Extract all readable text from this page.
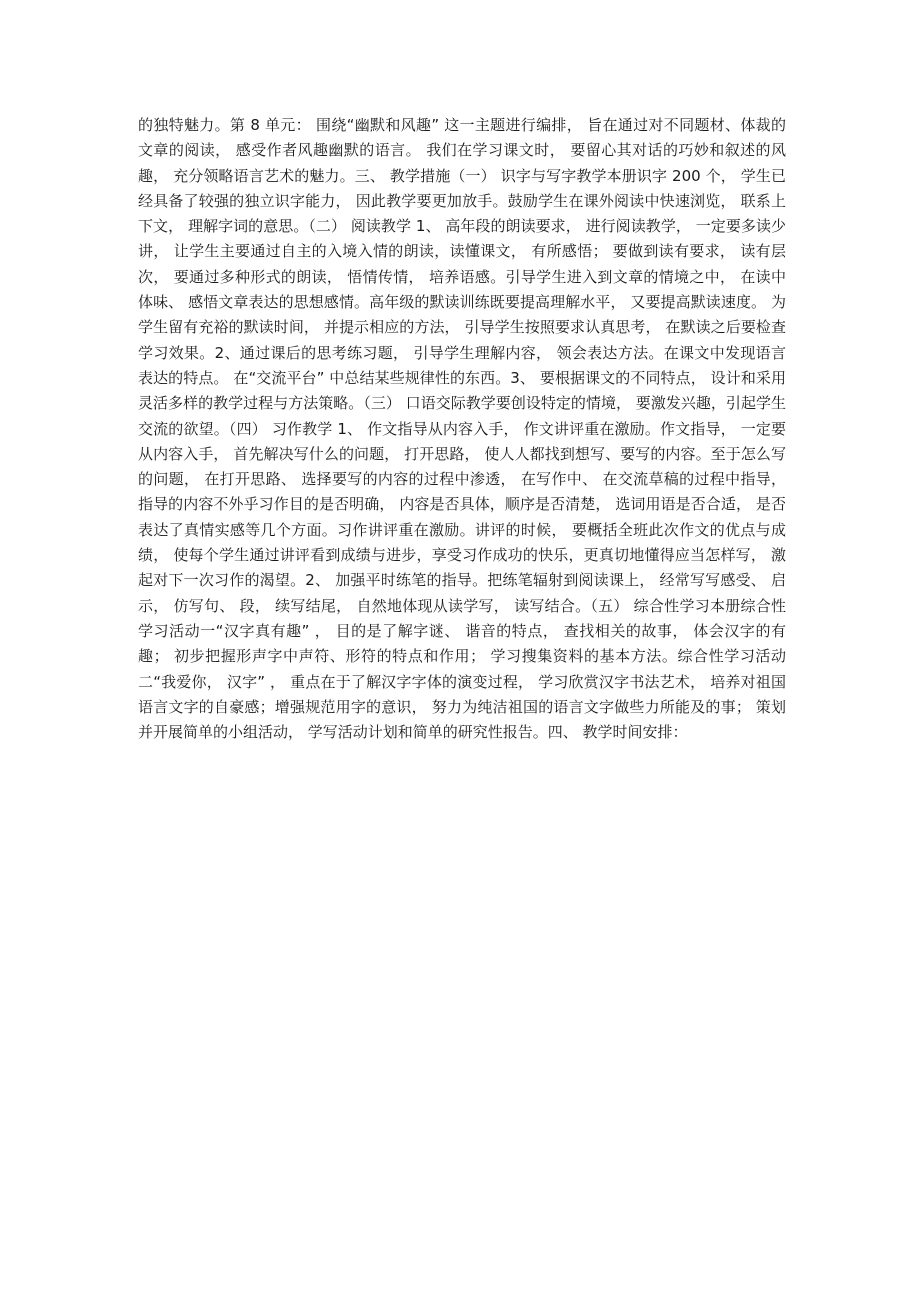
的独特魅力。第 8 单元： 围绕“幽默和风趣” 这一主题进行编排， 旨在通过对不同题材、体裁的文章的阅读， 感受作者风趣幽默的语言。 我们在学习课文时， 要留心其对话的巧妙和叙述的风趣， 充分领略语言艺术的魅力。三、 教学措施（一） 识字与写字教学本册识字 200 个， 学生已经具备了较强的独立识字能力， 因此教学要更加放手。鼓励学生在课外阅读中快速浏览， 联系上下文， 理解字词的意思。（二） 阅读教学 1、 高年段的朗读要求， 进行阅读教学， 一定要多读少讲， 让学生主要通过自主的入境入情的朗读，读懂课文， 有所感悟； 要做到读有要求， 读有层次， 要通过多种形式的朗读， 悟情传情， 培养语感。引导学生进入到文章的情境之中， 在读中体味、 感悟文章表达的思想感情。高年级的默读训练既要提高理解水平， 又要提高默读速度。 为学生留有充裕的默读时间， 并提示相应的方法， 引导学生按照要求认真思考， 在默读之后要检查学习效果。2、通过课后的思考练习题， 引导学生理解内容， 领会表达方法。在课文中发现语言表达的特点。 在“交流平台” 中总结某些规律性的东西。3、 要根据课文的不同特点， 设计和采用灵活多样的教学过程与方法策略。（三） 口语交际教学要创设特定的情境， 要激发兴趣，引起学生交流的欲望。（四） 习作教学 1、 作文指导从内容入手， 作文讲评重在激励。作文指导， 一定要从内容入手， 首先解决写什么的问题， 打开思路， 使人人都找到想写、要写的内容。至于怎么写的问题， 在打开思路、 选择要写的内容的过程中渗透， 在写作中、 在交流草稿的过程中指导， 指导的内容不外乎习作目的是否明确， 内容是否具体，顺序是否清楚， 选词用语是否合适， 是否表达了真情实感等几个方面。习作讲评重在激励。讲评的时候， 要概括全班此次作文的优点与成绩， 使每个学生通过讲评看到成绩与进步，享受习作成功的快乐，更真切地懂得应当怎样写， 激起对下一次习作的渴望。2、 加强平时练笔的指导。把练笔辐射到阅读课上， 经常写写感受、 启示， 仿写句、 段， 续写结尾， 自然地体现从读学写， 读写结合。（五） 综合性学习本册综合性学习活动一“汉字真有趣” ， 目的是了解字谜、 谐音的特点， 查找相关的故事， 体会汉字的有趣； 初步把握形声字中声符、形符的特点和作用； 学习搜集资料的基本方法。综合性学习活动二“我爱你， 汉字” ， 重点在于了解汉字字体的演变过程， 学习欣赏汉字书法艺术， 培养对祖国语言文字的自豪感；增强规范用字的意识， 努力为纯洁祖国的语言文字做些力所能及的事； 策划并开展简单的小组活动， 学写活动计划和简单的研究性报告。四、 教学时间安排：
